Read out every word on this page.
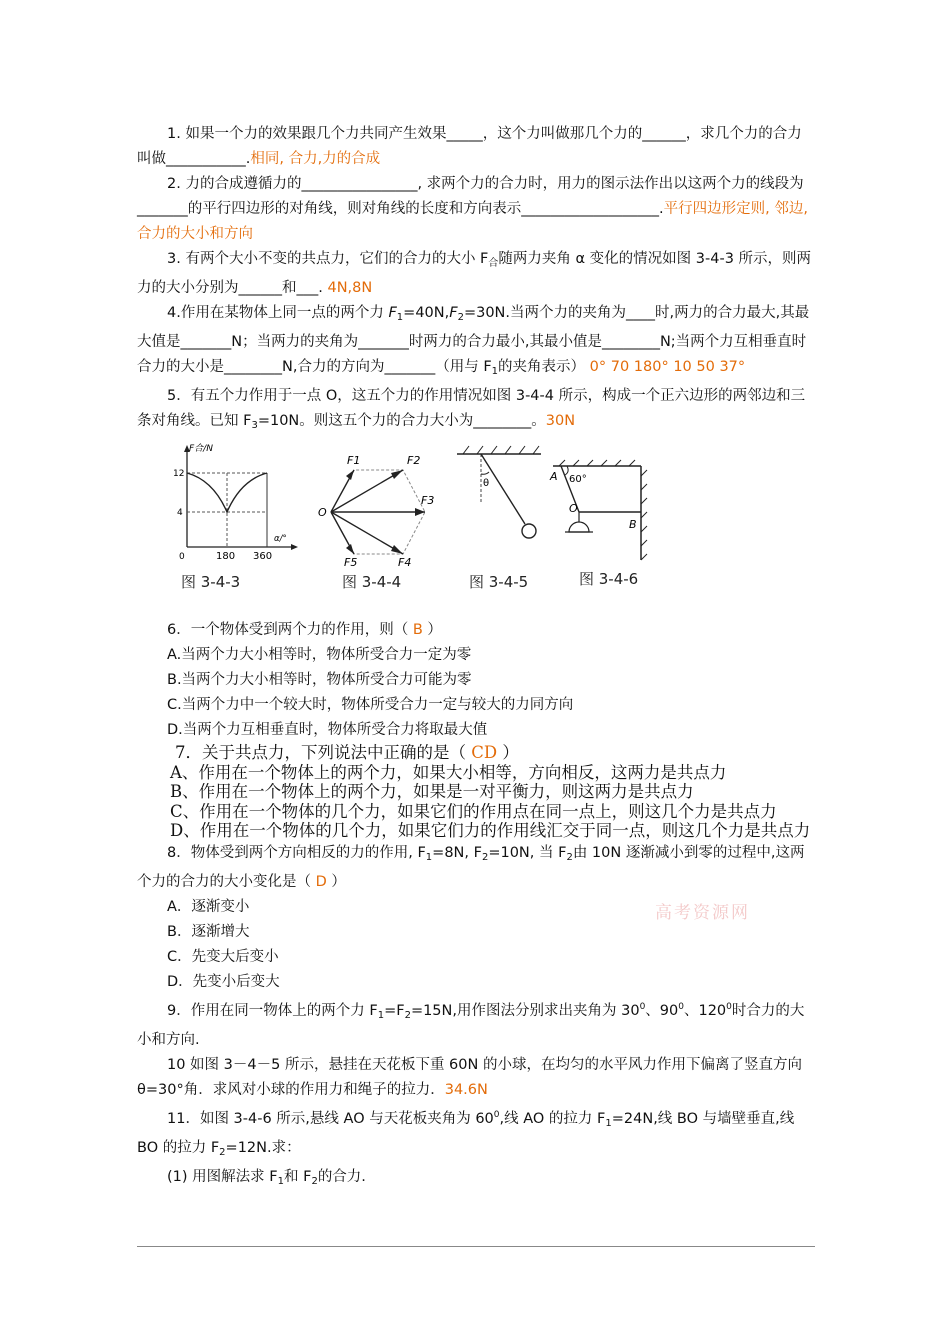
1. 如果一个力的效果跟几个力共同产生效果_____，这个力叫做那几个力的______，求几个力的合力叫做___________.相同, 合力,力的合成

2. 力的合成遵循力的________________, 求两个力的合力时，用力的图示法作出以这两个力的线段为_______的平行四边形的对角线，则对角线的长度和方向表示___________________.平行四边形定则, 邻边,合力的大小和方向

3. 有两个大小不变的共点力，它们的合力的大小 $F_合$随两力夹角 α 变化的情况如图 3-4-3 所示，则两力的大小分别为______和___. 4N,8N

4.作用在某物体上同一点的两个力 $F_1=40N,F_2=30N$.当两个力的夹角为____时,两力的合力最大,其最大值是_______N；当两力的夹角为_______时两力的合力最小,其最小值是________N;当两个力互相垂直时合力的大小是________N,合力的方向为_______（用与 $F_1$的夹角表示） 0° 70 180° 10 50 37°

5．有五个力作用于一点 O，这五个力的作用情况如图 3-4-4 所示，构成一个正六边形的两邻边和三条对角线。已知 $F_3=10N$。则这五个力的合力大小为________。30N

F合/N
α/°
12
4
0	180 360
图 3-4-3
O
F1	F2
F3
F4
F5
图 3-4-4
θ
图 3-4-5
A 60°
O
B
图 3-4-6

6．一个物体受到两个力的作用，则（ B ）

A.当两个力大小相等时，物体所受合力一定为零

B.当两个力大小相等时，物体所受合力可能为零

C.当两个力中一个较大时，物体所受合力一定与较大的力同方向

D.当两个力互相垂直时，物体所受合力将取最大值

7．关于共点力，下列说法中正确的是（ CD ）

A、作用在一个物体上的两个力，如果大小相等，方向相反，这两力是共点力

B、作用在一个物体上的两个力，如果是一对平衡力，则这两力是共点力

C、作用在一个物体的几个力，如果它们的作用点在同一点上，则这几个力是共点力

D、作用在一个物体的几个力，如果它们力的作用线汇交于同一点，则这几个力是共点力

8．物体受到两个方向相反的力的作用, $F_1=8N$, $F_2=10N$, 当 $F_2$由 10N 逐渐减小到零的过程中,这两个力的合力的大小变化是（ D ）

A．逐渐变小

B．逐渐增大

C．先变大后变小

D．先变小后变大

9．作用在同一物体上的两个力 $F_1=F_2=15N$,用作图法分别求出夹角为 $30^0$、$90^0$、$120^0$时合力的大小和方向.

10 如图 3－4－5 所示，悬挂在天花板下重 60N 的小球，在均匀的水平风力作用下偏离了竖直方向 θ=30°角．求风对小球的作用力和绳子的拉力．34.6N

11．如图 3-4-6 所示,悬线 AO 与天花板夹角为 $60^0$,线 AO 的拉力 $F_1=24N$,线 BO 与墙壁垂直,线 BO 的拉力 $F_2=12N$.求：

(1) 用图解法求 $F_1$和 $F_2$的合力.

高考资源网
